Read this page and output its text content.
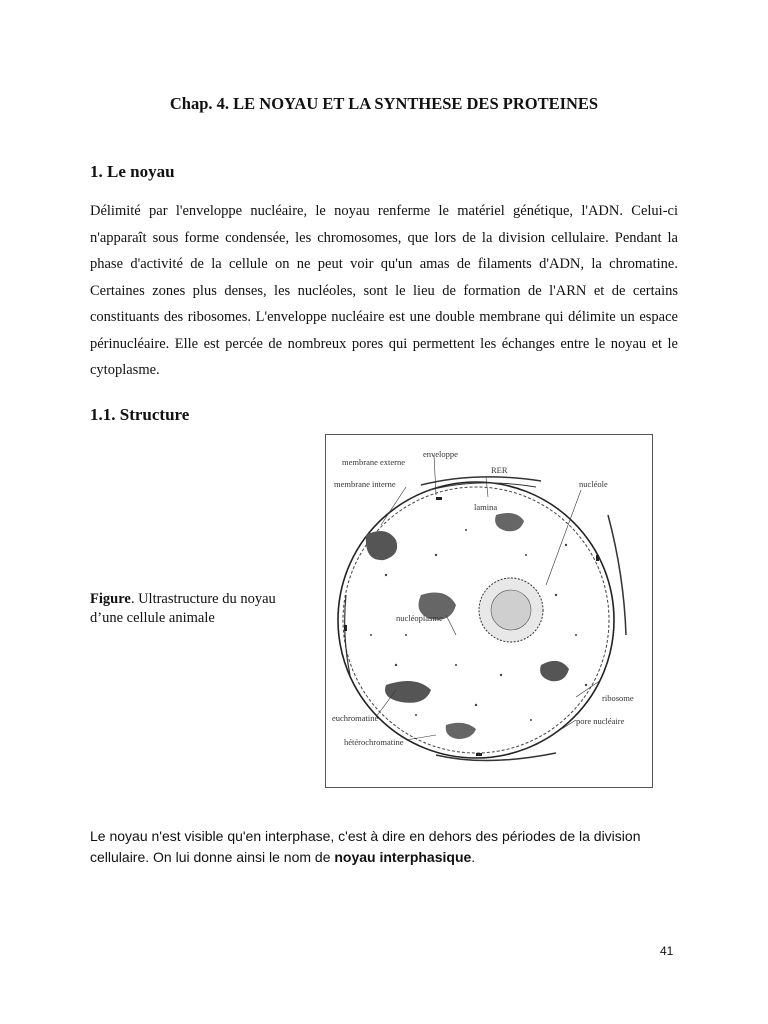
Chap. 4. LE NOYAU ET LA SYNTHESE DES PROTEINES
1. Le noyau

Délimité par l'enveloppe nucléaire, le noyau renferme le matériel génétique, l'ADN. Celui-ci n'apparaît sous forme condensée, les chromosomes, que lors de la division cellulaire. Pendant la phase d'activité de la cellule on ne peut voir qu'un amas de filaments d'ADN, la chromatine. Certaines zones plus denses, les nucléoles, sont le lieu de formation de l'ARN et de certains constituants des ribosomes. L'enveloppe nucléaire est une double membrane qui délimite un espace périnucléaire. Elle est percée de nombreux pores qui permettent les échanges entre le noyau et le cytoplasme.

1.1. Structure
Figure. Ultrastructure du noyau d’une cellule animale
enveloppe
membrane externe
RER
membrane interne	nucléole
lamina
nucléoplasme
ribosome
euchromatine	pore nucléaire
hétérochromatine

Le noyau n'est visible qu'en interphase, c'est à dire en dehors des périodes de la division cellulaire. On lui donne ainsi le nom de noyau interphasique.

41
